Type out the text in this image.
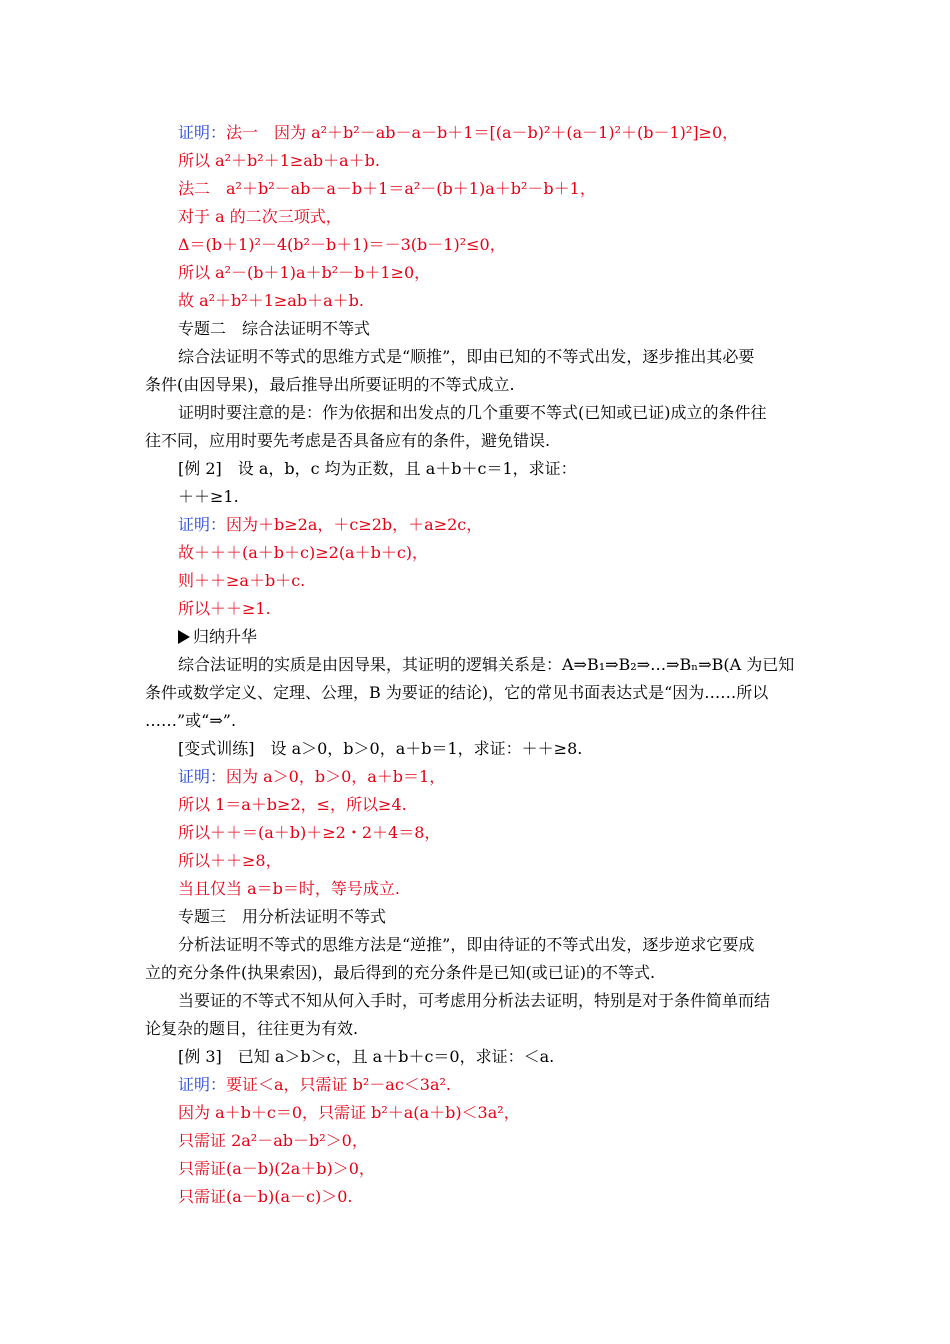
证明：法一　因为 a²＋b²－ab－a－b＋1＝[(a－b)²＋(a－1)²＋(b－1)²]≥0，
所以 a²＋b²＋1≥ab＋a＋b.
法二　a²＋b²－ab－a－b＋1＝a²－(b＋1)a＋b²－b＋1，
对于 a 的二次三项式，
Δ＝(b＋1)²－4(b²－b＋1)＝－3(b－1)²≤0，
所以 a²－(b＋1)a＋b²－b＋1≥0，
故 a²＋b²＋1≥ab＋a＋b.
专题二　综合法证明不等式
综合法证明不等式的思维方式是“顺推”，即由已知的不等式出发，逐步推出其必要
条件(由因导果)，最后推导出所要证明的不等式成立.
证明时要注意的是：作为依据和出发点的几个重要不等式(已知或已证)成立的条件往
往不同，应用时要先考虑是否具备应有的条件，避免错误.
[例 2]　设 a，b，c 均为正数，且 a＋b＋c＝1，求证：
＋＋≥1.
证明：因为＋b≥2a，＋c≥2b，＋a≥2c，
故＋＋＋(a＋b＋c)≥2(a＋b＋c)，
则＋＋≥a＋b＋c.
所以＋＋≥1.
归纳升华
综合法证明的实质是由因导果，其证明的逻辑关系是：A⇒B₁⇒B₂⇒…⇒Bₙ⇒B(A 为已知
条件或数学定义、定理、公理，B 为要证的结论)，它的常见书面表达式是“因为……所以
……”或“⇒”.
[变式训练]　设 a＞0，b＞0，a＋b＝1，求证：＋＋≥8.
证明：因为 a＞0，b＞0，a＋b＝1，
所以 1＝a＋b≥2，≤，所以≥4.
所以＋＋＝(a＋b)＋≥2・2＋4＝8，
所以＋＋≥8，
当且仅当 a＝b＝时，等号成立.
专题三　用分析法证明不等式
分析法证明不等式的思维方法是“逆推”，即由待证的不等式出发，逐步逆求它要成
立的充分条件(执果索因)，最后得到的充分条件是已知(或已证)的不等式.
当要证的不等式不知从何入手时，可考虑用分析法去证明，特别是对于条件简单而结
论复杂的题目，往往更为有效.
[例 3]　已知 a＞b＞c，且 a＋b＋c＝0，求证：＜a.
证明：要证＜a，只需证 b²－ac＜3a².
因为 a＋b＋c＝0，只需证 b²＋a(a＋b)＜3a²，
只需证 2a²－ab－b²＞0，
只需证(a－b)(2a＋b)＞0，
只需证(a－b)(a－c)＞0.
